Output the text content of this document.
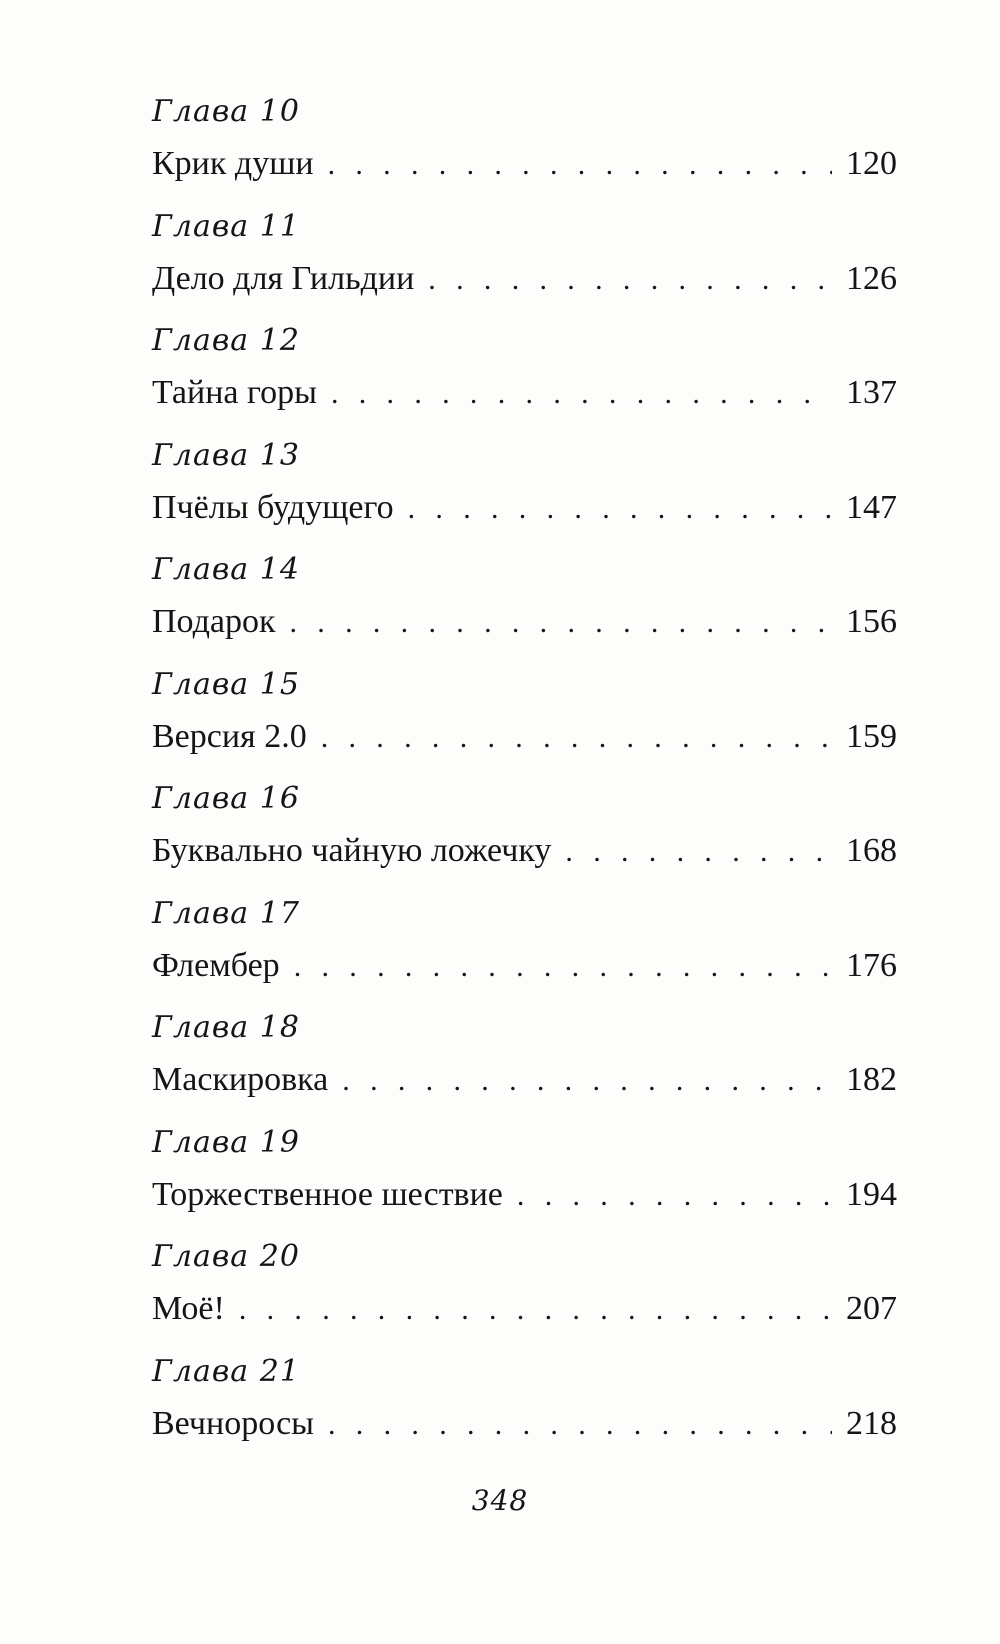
Глава 10
Крик души . . .	120
Глава 11
Дело для Гильдии . . .	126
Глава 12
Тайна горы . . .	137
Глава 13
Пчёлы будущего . . .	147
Глава 14
Подарок . . .	156
Глава 15
Версия 2.0 . . .	159
Глава 16
Буквально чайную ложечку . . .	168
Глава 17
Флембер . . .	176
Глава 18
Маскировка . . .	182
Глава 19
Торжественное шествие . . .	194
Глава 20
Моё! . . .	207
Глава 21
Вечноросы . . .	218
348
